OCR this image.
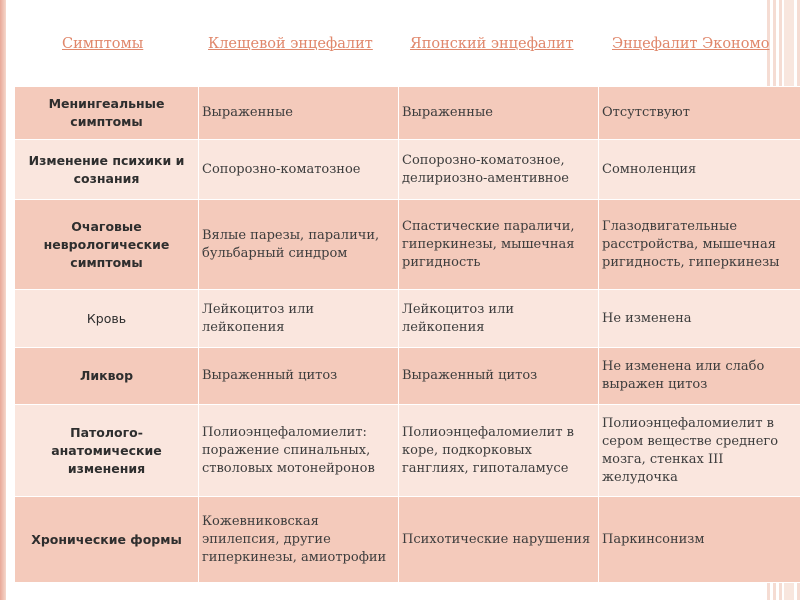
Симптомы	Клещевой энцефалит	Японский энцефалит	Энцефалит Экономо
Менингеальные симптомы	Выраженные	Выраженные	Отсутствуют
Изменение психики и сознания	Сопорозно-коматозное	Сопорозно-коматозное, делириозно-аментивное	Сомноленция
Очаговые неврологические симптомы	Вялые парезы, параличи, бульбарный синдром	Спастические параличи, гиперкинезы, мышечная ригидность	Глазодвигательные расстройства, мышечная ригидность, гиперкинезы
Кровь	Лейкоцитоз или лейкопения	Лейкоцитоз или лейкопения	Не изменена
Ликвор	Выраженный цитоз	Выраженный цитоз	Не изменена или слабо выражен цитоз
Патолого-анатомические изменения	Полиоэнцефаломиелит: поражение спинальных, стволовых мотонейронов	Полиоэнцефаломиелит в коре, подкорковых ганглиях, гипоталамусе	Полиоэнцефаломиелит в сером веществе среднего мозга, стенках III желудочка
Хронические формы	Кожевниковская эпилепсия, другие гиперкинезы, амиотрофии	Психотические нарушения	Паркинсонизм
